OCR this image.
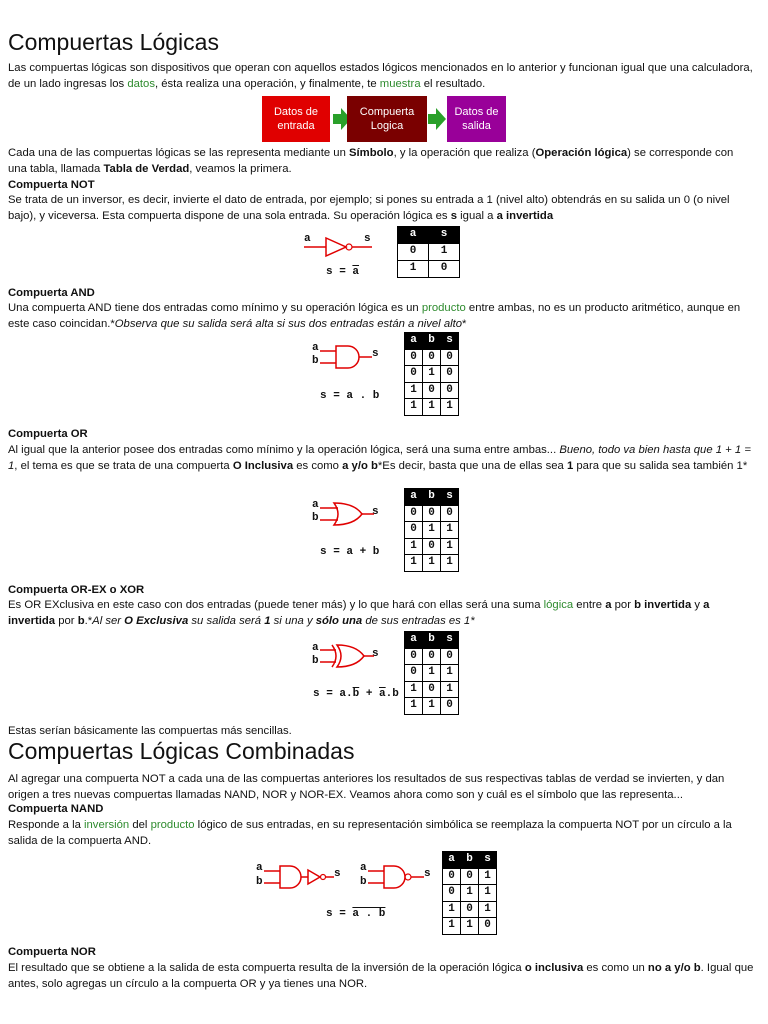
Compuertas Lógicas

Las compuertas lógicas son dispositivos que operan con aquellos estados lógicos mencionados en lo anterior y funcionan igual que una calculadora, de un lado ingresas los datos, ésta realiza una operación, y finalmente, te muestra el resultado.

Datos de entrada
Compuerta Logica
Datos de salida

Cada una de las compuertas lógicas se las representa mediante un Símbolo, y la operación que realiza (Operación lógica) se corresponde con una tabla, llamada Tabla de Verdad, veamos la primera.

Compuerta NOT

Se trata de un inversor, es decir, invierte el dato de entrada, por ejemplo; si pones su entrada a 1 (nivel alto) obtendrás en su salida un 0 (o nivel bajo), y viceversa. Esta compuerta dispone de una sola entrada. Su operación lógica es s igual a a invertida

a	s
$s = \overline{a}$
a	s
0	1
1	0

Compuerta AND

Una compuerta AND tiene dos entradas como mínimo y su operación lógica es un producto entre ambas, no es un producto aritmético, aunque en este caso coincidan.*Observa que su salida será alta si sus dos entradas están a nivel alto*

a
b
s
s = a . b
a	b	s
0	0	0
0	1	0
1	0	0
1	1	1

Compuerta OR

Al igual que la anterior posee dos entradas como mínimo y la operación lógica, será una suma entre ambas... Bueno, todo va bien hasta que 1 + 1 = 1, el tema es que se trata de una compuerta O Inclusiva es como a y/o b*Es decir, basta que una de ellas sea 1 para que su salida sea también 1*

a
b	s
s = a + b
a	b	s
0	0	0
0	1	1
1	0	1
1	1	1

Compuerta OR-EX o XOR

Es OR EXclusiva en este caso con dos entradas (puede tener más) y lo que hará con ellas será una suma lógica entre a por b invertida y a invertida por b.*Al ser O Exclusiva su salida será 1 si una y sólo una de sus entradas es 1*

a
b
s
$s = a.\overline{b} + \overline{a}.b$
a	b	s
0	0	0
0	1	1
1	0	1
1	1	0

Estas serían básicamente las compuertas más sencillas.

Compuertas Lógicas Combinadas

Al agregar una compuerta NOT a cada una de las compuertas anteriores los resultados de sus respectivas tablas de verdad se invierten, y dan origen a tres nuevas compuertas llamadas NAND, NOR y NOR-EX. Veamos ahora como son y cuál es el símbolo que las representa...

Compuerta NAND

Responde a la inversión del producto lógico de sus entradas, en su representación simbólica se reemplaza la compuerta NOT por un círculo a la salida de la compuerta AND.

a
b
s a
b
s
s = a . b
a	b	s
0	0	1
0	1	1
1	0	1
1	1	0

Compuerta NOR

El resultado que se obtiene a la salida de esta compuerta resulta de la inversión de la operación lógica o inclusiva es como un no a y/o b. Igual que antes, solo agregas un círculo a la compuerta OR y ya tienes una NOR.
